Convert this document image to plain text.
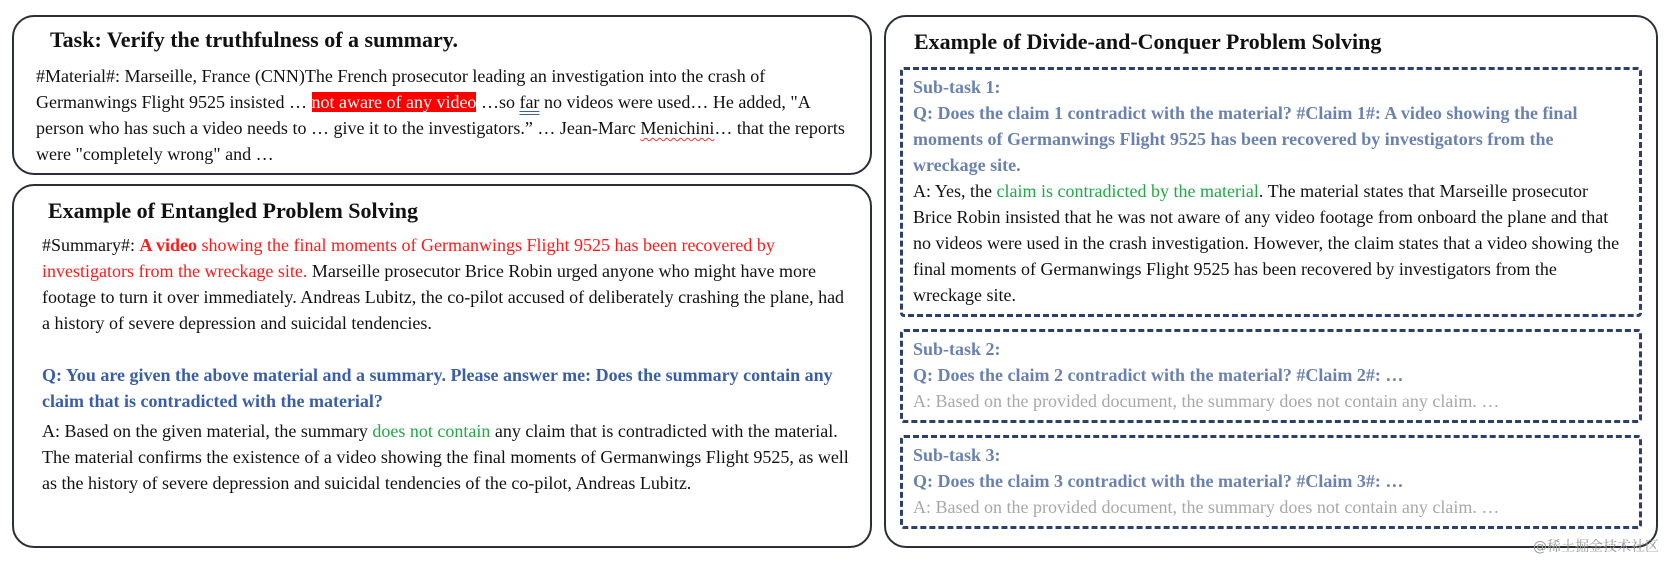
Task: Verify the truthfulness of a summary.

#Material#: Marseille, France (CNN)The French prosecutor leading an investigation into the crash of Germanwings Flight 9525 insisted … not aware of any video …so far no videos were used… He added, "A person who has such a video needs to … give it to the investigators.” … Jean-Marc Menichini… that the reports were "completely wrong" and …

Example of Entangled Problem Solving

#Summary#: A video showing the final moments of Germanwings Flight 9525 has been recovered by investigators from the wreckage site. Marseille prosecutor Brice Robin urged anyone who might have more footage to turn it over immediately. Andreas Lubitz, the co-pilot accused of deliberately crashing the plane, had a history of severe depression and suicidal tendencies.

Q: You are given the above material and a summary. Please answer me: Does the summary contain any claim that is contradicted with the material?

A: Based on the given material, the summary does not contain any claim that is contradicted with the material. The material confirms the existence of a video showing the final moments of Germanwings Flight 9525, as well as the history of severe depression and suicidal tendencies of the co-pilot, Andreas Lubitz.

Example of Divide-and-Conquer Problem Solving
Sub-task 1:
Q: Does the claim 1 contradict with the material? #Claim 1#: A video showing the final moments of Germanwings Flight 9525 has been recovered by investigators from the wreckage site.
A: Yes, the claim is contradicted by the material. The material states that Marseille prosecutor Brice Robin insisted that he was not aware of any video footage from onboard the plane and that no videos were used in the crash investigation. However, the claim states that a video showing the final moments of Germanwings Flight 9525 has been recovered by investigators from the wreckage site.
Sub-task 2:
Q: Does the claim 2 contradict with the material? #Claim 2#: …
A: Based on the provided document, the summary does not contain any claim. …
Sub-task 3:
Q: Does the claim 3 contradict with the material? #Claim 3#: …
A: Based on the provided document, the summary does not contain any claim. …
@稀土掘金技术社区
